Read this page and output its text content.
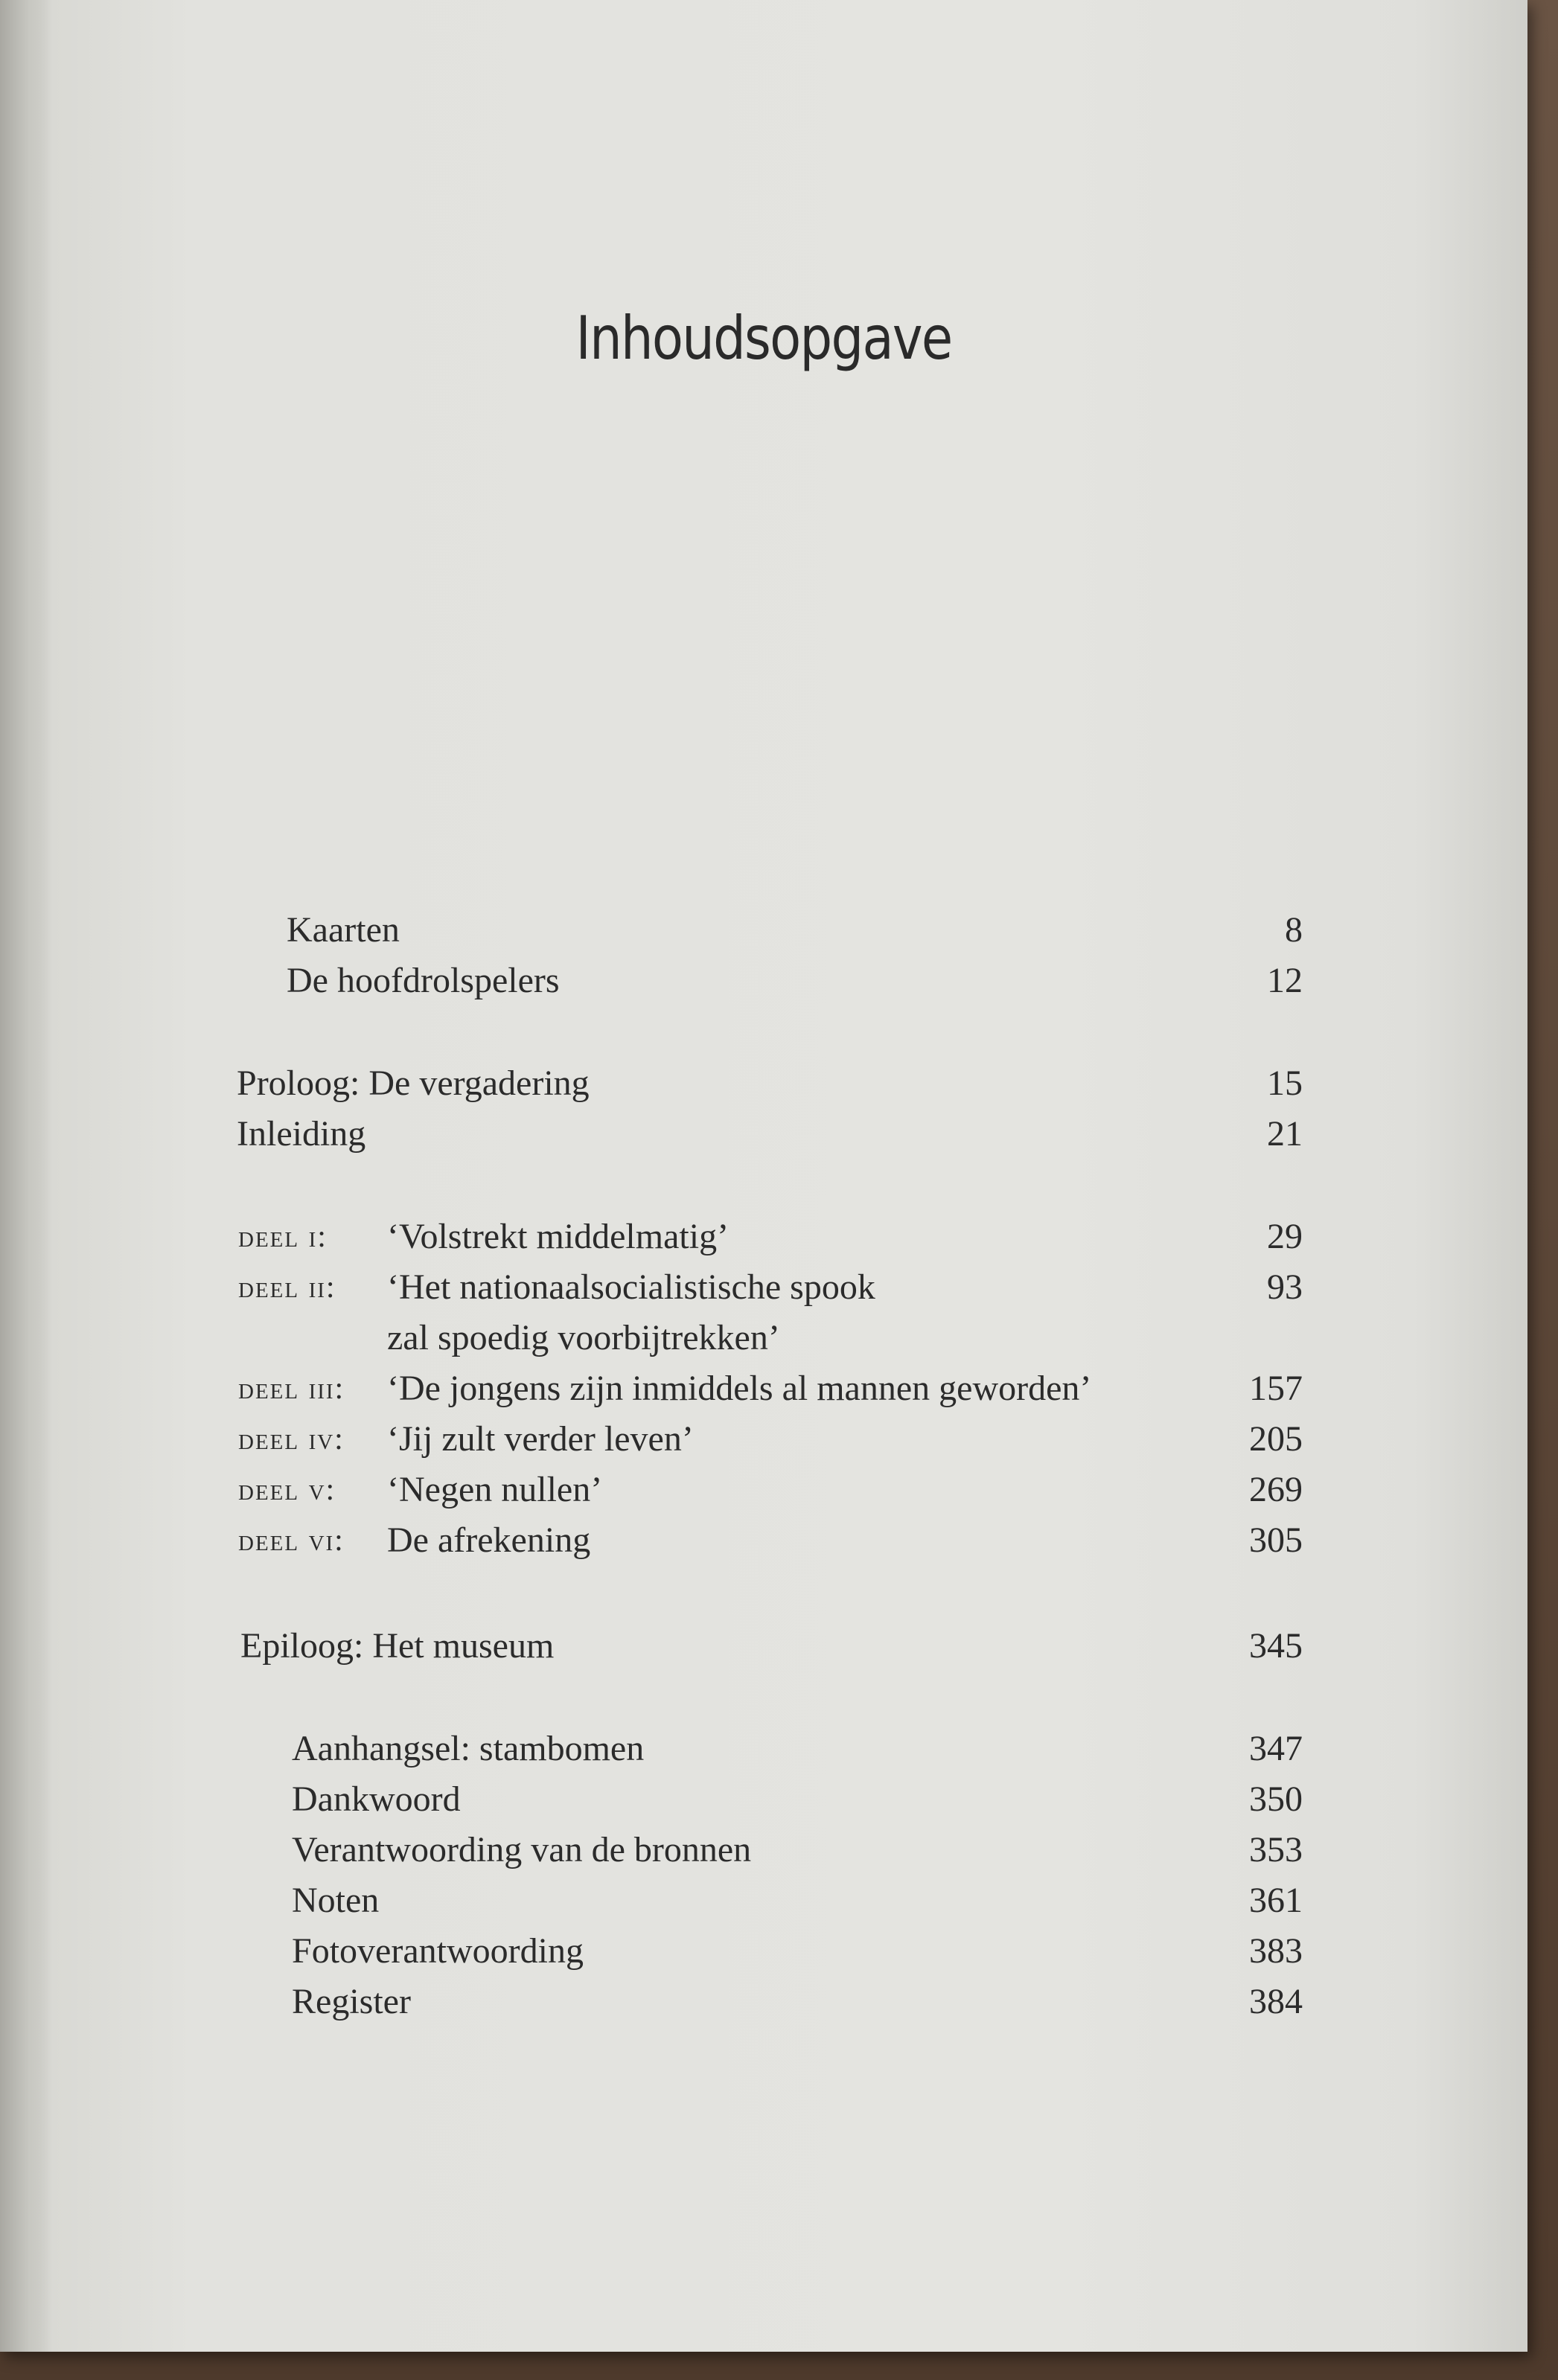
Inhoudsopgave
Kaarten	8
De hoofdrolspelers	12
Proloog: De vergadering	15
Inleiding	21
deel i: ‘Volstrekt middelmatig’	29
deel ii: ‘Het nationaalsocialistische spook	93
zal spoedig voorbijtrekken’
deel iii: ‘De jongens zijn inmiddels al mannen geworden’	157
deel iv: ‘Jij zult verder leven’	205
deel v: ‘Negen nullen’	269
deel vi: De afrekening	305
Epiloog: Het museum	345
Aanhangsel: stambomen	347
Dankwoord	350
Verantwoording van de bronnen	353
Noten	361
Fotoverantwoording	383
Register	384
